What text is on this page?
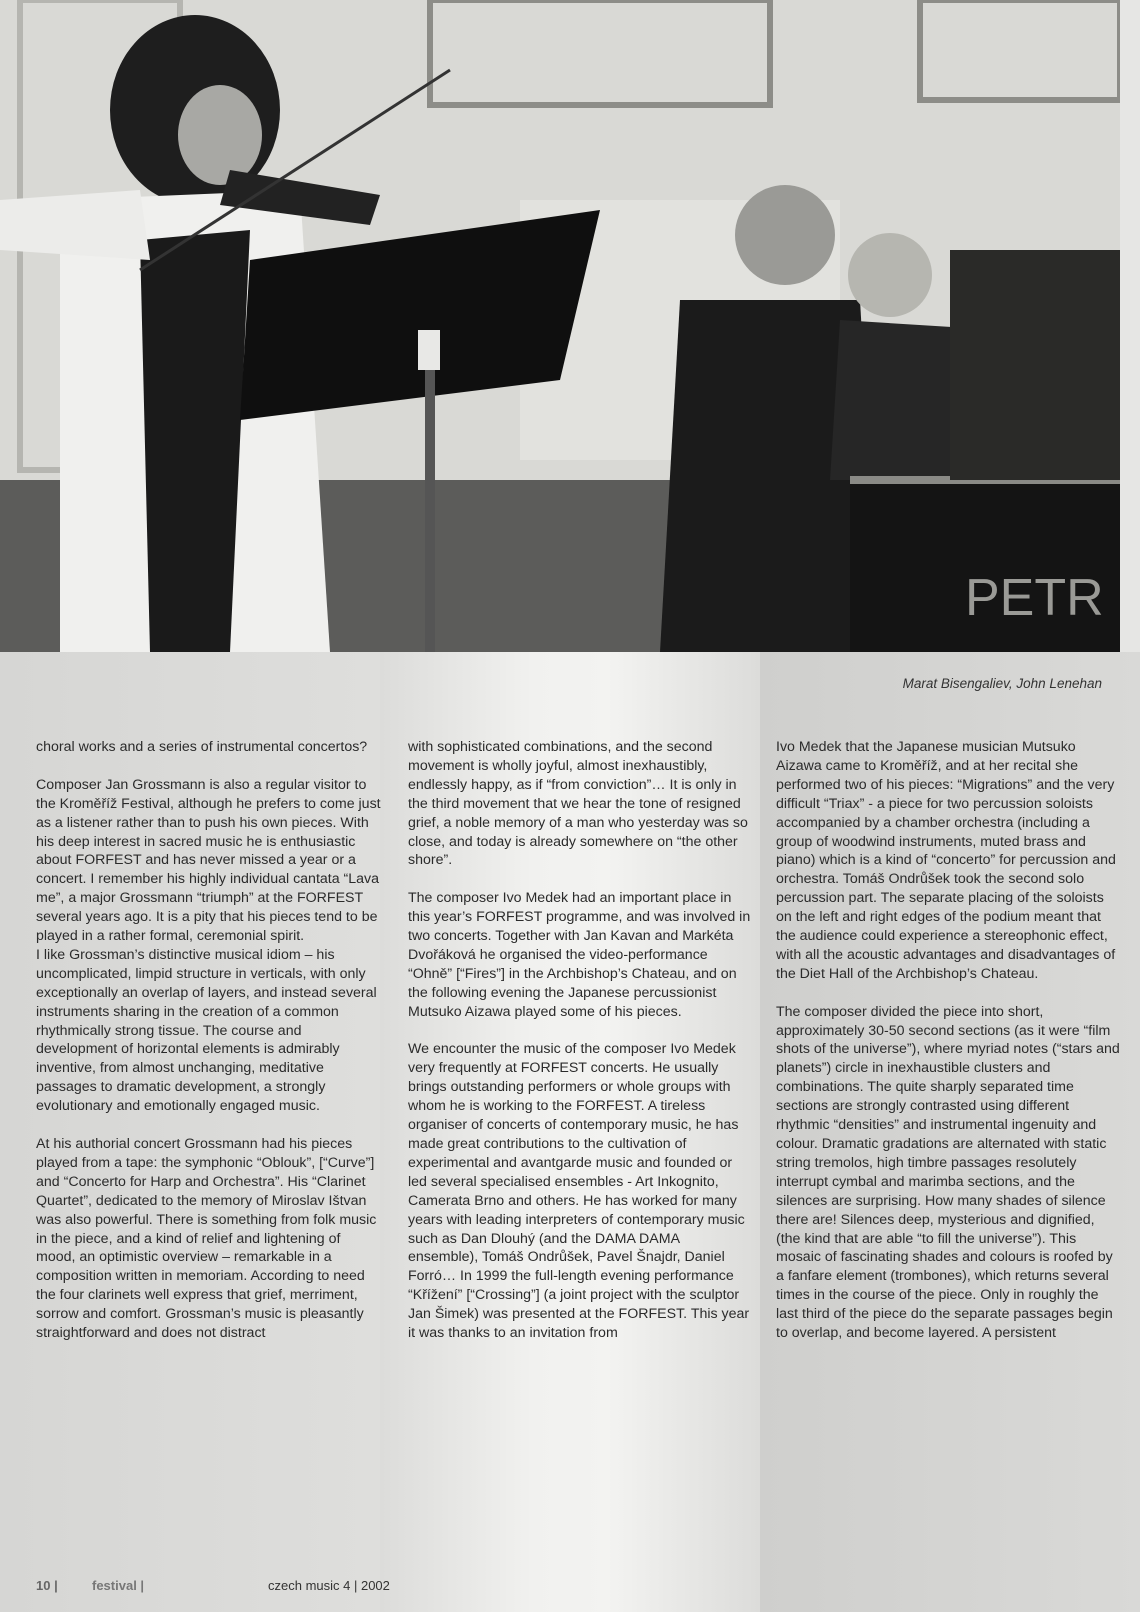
PETR
Marat Bisengaliev, John Lenehan

choral works and a series of instrumental concertos?

Composer Jan Grossmann is also a regular visitor to the Kroměříž Festival, although he prefers to come just as a listener rather than to push his own pieces. With his deep interest in sacred music he is enthusiastic about FORFEST and has never missed a year or a concert. I remember his highly individual cantata “Lava me”, a major Grossmann “triumph” at the FORFEST several years ago. It is a pity that his pieces tend to be played in a rather formal, ceremonial spirit.

I like Grossman’s distinctive musical idiom – his uncomplicated, limpid structure in verticals, with only exceptionally an overlap of layers, and instead several instruments sharing in the creation of a common rhythmically strong tissue. The course and development of horizontal elements is admirably inventive, from almost unchanging, meditative passages to dramatic development, a strongly evolutionary and emotionally engaged music.

At his authorial concert Grossmann had his pieces played from a tape: the symphonic “Oblouk”, [“Curve”] and “Concerto for Harp and Orchestra”. His “Clarinet Quartet”, dedicated to the memory of Miroslav Ištvan was also powerful. There is something from folk music in the piece, and a kind of relief and lightening of mood, an optimistic overview – remarkable in a composition written in memoriam. According to need the four clarinets well express that grief, merriment, sorrow and comfort. Grossman’s music is pleasantly straightforward and does not distract

with sophisticated combinations, and the second movement is wholly joyful, almost inexhaustibly, endlessly happy, as if “from conviction”… It is only in the third movement that we hear the tone of resigned grief, a noble memory of a man who yesterday was so close, and today is already somewhere on “the other shore”.

The composer Ivo Medek had an important place in this year’s FORFEST programme, and was involved in two concerts. Together with Jan Kavan and Markéta Dvořáková he organised the video-performance “Ohně” [“Fires”] in the Archbishop’s Chateau, and on the following evening the Japanese percussionist Mutsuko Aizawa played some of his pieces.

We encounter the music of the composer Ivo Medek very frequently at FORFEST concerts. He usually brings outstanding performers or whole groups with whom he is working to the FORFEST. A tireless organiser of concerts of contemporary music, he has made great contributions to the cultivation of experimental and avantgarde music and founded or led several specialised ensembles - Art Inkognito, Camerata Brno and others. He has worked for many years with leading interpreters of contemporary music such as Dan Dlouhý (and the DAMA DAMA ensemble), Tomáš Ondrůšek, Pavel Šnajdr, Daniel Forró… In 1999 the full-length evening performance “Křížení” [“Crossing”] (a joint project with the sculptor Jan Šimek) was presented at the FORFEST. This year it was thanks to an invitation from

Ivo Medek that the Japanese musician Mutsuko Aizawa came to Kroměříž, and at her recital she performed two of his pieces: “Migrations” and the very difficult “Triax” - a piece for two percussion soloists accompanied by a chamber orchestra (including a group of woodwind instruments, muted brass and piano) which is a kind of “concerto” for percussion and orchestra. Tomáš Ondrůšek took the second solo percussion part. The separate placing of the soloists on the left and right edges of the podium meant that the audience could experience a stereophonic effect, with all the acoustic advantages and disadvantages of the Diet Hall of the Archbishop’s Chateau.

The composer divided the piece into short, approximately 30-50 second sections (as it were “film shots of the universe”), where myriad notes (“stars and planets”) circle in inexhaustible clusters and combinations. The quite sharply separated time sections are strongly contrasted using different rhythmic “densities” and instrumental ingenuity and colour. Dramatic gradations are alternated with static string tremolos, high timbre passages resolutely interrupt cymbal and marimba sections, and the silences are surprising. How many shades of silence there are! Silences deep, mysterious and dignified, (the kind that are able “to fill the universe”). This mosaic of fascinating shades and colours is roofed by a fanfare element (trombones), which returns several times in the course of the piece. Only in roughly the last third of the piece do the separate passages begin to overlap, and become layered. A persistent

10 |	festival |	czech music 4 | 2002
